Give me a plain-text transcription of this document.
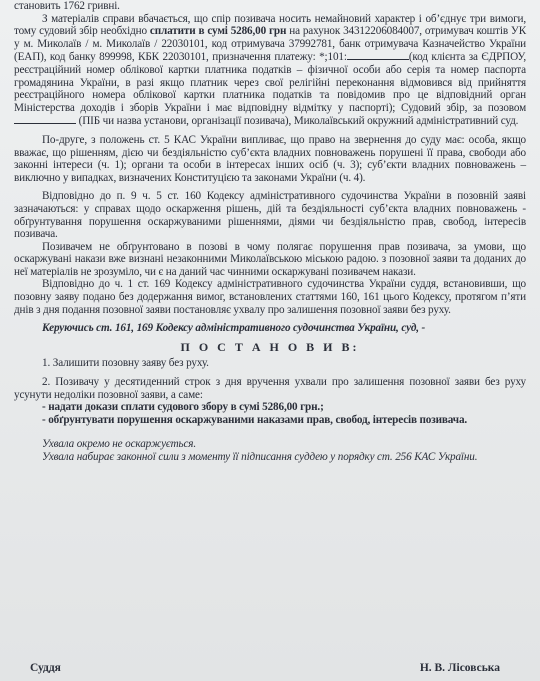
становить 1762 гривні.

З матеріалів справи вбачається, що спір позивача носить немайновий характер і об’єднує три вимоги, тому судовий збір необхідно сплатити в сумі 5286,00 грн на рахунок 34312206084007, отримувач коштів УК у м. Миколаїв / м. Миколаїв / 22030101, код отримувача 37992781, банк отримувача Казначейство України (ЕАП), код банку 899998, КБК 22030101, призначення платежу: *;101:	(код клієнта за ЄДРПОУ, реєстраційний номер облікової картки платника податків – фізичної особи або серія та номер паспорта громадянина України, в разі якщо платник через свої релігійні переконання відмовився від прийняття реєстраційного номера облікової картки платника податків та повідомив про це відповідний орган Міністерства доходів і зборів України і має відповідну відмітку у паспорті); Судовий збір, за позовом  (ПІБ чи назва установи, організації позивача), Миколаївський окружний адміністративний суд.

По-друге, з положень ст. 5 КАС України випливає, що право на звернення до суду має: особа, якщо вважає, що рішенням, дією чи бездіяльністю суб’єкта владних повноважень порушені її права, свободи або законні інтереси (ч. 1); органи та особи в інтересах інших осіб (ч. 3); суб’єкти владних повноважень – виключно у випадках, визначених Конституцією та законами України (ч. 4).

Відповідно до п. 9 ч. 5 ст. 160 Кодексу адміністративного судочинства України в позовній заяві зазначаються: у справах щодо оскарження рішень, дій та бездіяльності суб’єкта владних повноважень - обґрунтування порушення оскаржуваними рішеннями, діями чи бездіяльністю прав, свобод, інтересів позивача.

Позивачем не обґрунтовано в позові в чому полягає порушення прав позивача, за умови, що оскаржувані накази вже визнані незаконними Миколаївською міською радою. з позовної заяви та доданих до неї матеріалів не зрозуміло, чи є на даний час чинними оскаржувані позивачем накази.

Відповідно до ч. 1 ст. 169 Кодексу адміністративного судочинства України суддя, встановивши, що позовну заяву подано без додержання вимог, встановлених статтями 160, 161 цього Кодексу, протягом п’яти днів з дня подання позовної заяви постановляє ухвалу про залишення позовної заяви без руху.

Керуючись ст. 161, 169 Кодексу адміністративного судочинства України, суд, -

П О С Т А Н О В И В:

1. Залишити позовну заяву без руху.

2. Позивачу у десятиденний строк з дня вручення ухвали про залишення позовної заяви без руху усунути недоліки позовної заяви, а саме:

- надати докази сплати судового збору в сумі 5286,00 грн.;

- обґрунтувати порушення оскаржуваними наказами прав, свобод, інтересів позивача.

Ухвала окремо не оскаржується.

Ухвала набирає законної сили з моменту її підписання суддею у порядку ст. 256 КАС України.

Суддя	Н. В. Лісовська
